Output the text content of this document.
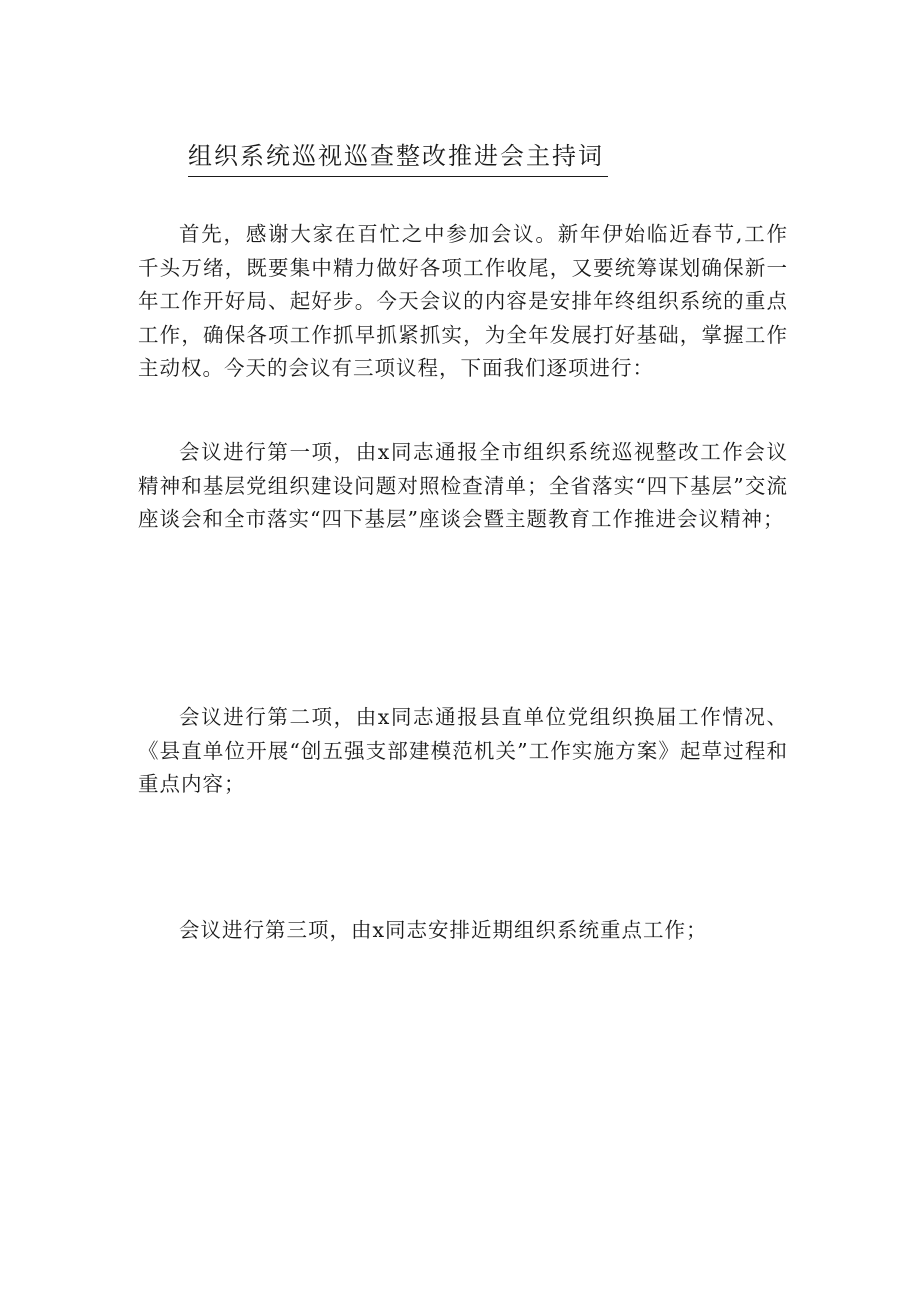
组织系统巡视巡查整改推进会主持词

首先，感谢大家在百忙之中参加会议。新年伊始临近春节,工作千头万绪，既要集中精力做好各项工作收尾，又要统筹谋划确保新一年工作开好局、起好步。今天会议的内容是安排年终组织系统的重点工作，确保各项工作抓早抓紧抓实，为全年发展打好基础，掌握工作主动权。今天的会议有三项议程，下面我们逐项进行：

会议进行第一项，由x同志通报全市组织系统巡视整改工作会议精神和基层党组织建设问题对照检查清单；全省落实“四下基层”交流座谈会和全市落实“四下基层”座谈会暨主题教育工作推进会议精神；

会议进行第二项，由x同志通报县直单位党组织换届工作情况、《县直单位开展“创五强支部建模范机关”工作实施方案》起草过程和重点内容；

会议进行第三项，由x同志安排近期组织系统重点工作；
